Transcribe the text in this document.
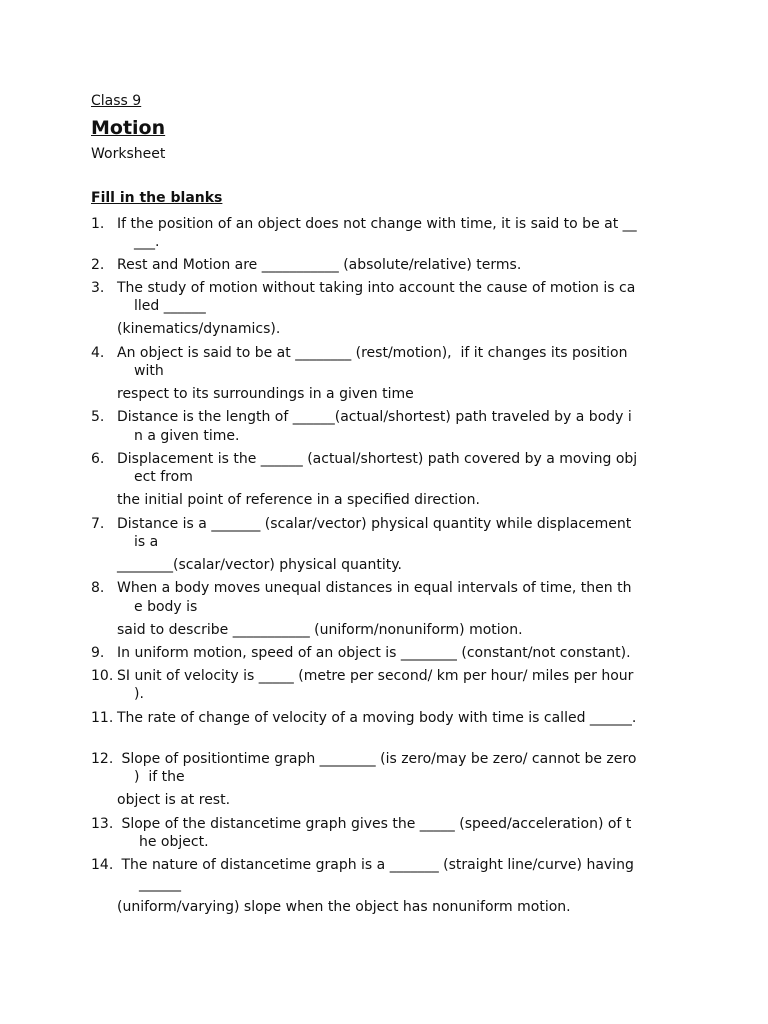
Class 9
Motion
Worksheet
Fill in the blanks
1. If the position of an object does not change with time, it is said to be at __
___.
2. Rest and Motion are ___________ (absolute/relative) terms.
3. The study of motion without taking into account the cause of motion is ca
lled ______
(kinematics/dynamics).
4. An object is said to be at ________ (rest/motion),  if it changes its position
with
respect to its surroundings in a given time
5. Distance is the length of ______(actual/shortest) path traveled by a body i
n a given time.
6. Displacement is the ______ (actual/shortest) path covered by a moving obj
ect from
the initial point of reference in a specified direction.
7. Distance is a _______ (scalar/vector) physical quantity while displacement
is a
________(scalar/vector) physical quantity.
8. When a body moves unequal distances in equal intervals of time, then th
e body is
said to describe ___________ (uniform/nonuniform) motion.
9. In uniform motion, speed of an object is ________ (constant/not constant).
10. SI unit of velocity is _____ (metre per second/ km per hour/ miles per hour
).
11. The rate of change of velocity of a moving body with time is called ______.
12. Slope of positiontime graph ________ (is zero/may be zero/ cannot be zero
)  if the
object is at rest.
13. Slope of the distancetime graph gives the _____ (speed/acceleration) of t
he object.
14. The nature of distancetime graph is a _______ (straight line/curve) having
______
(uniform/varying) slope when the object has nonuniform motion.
